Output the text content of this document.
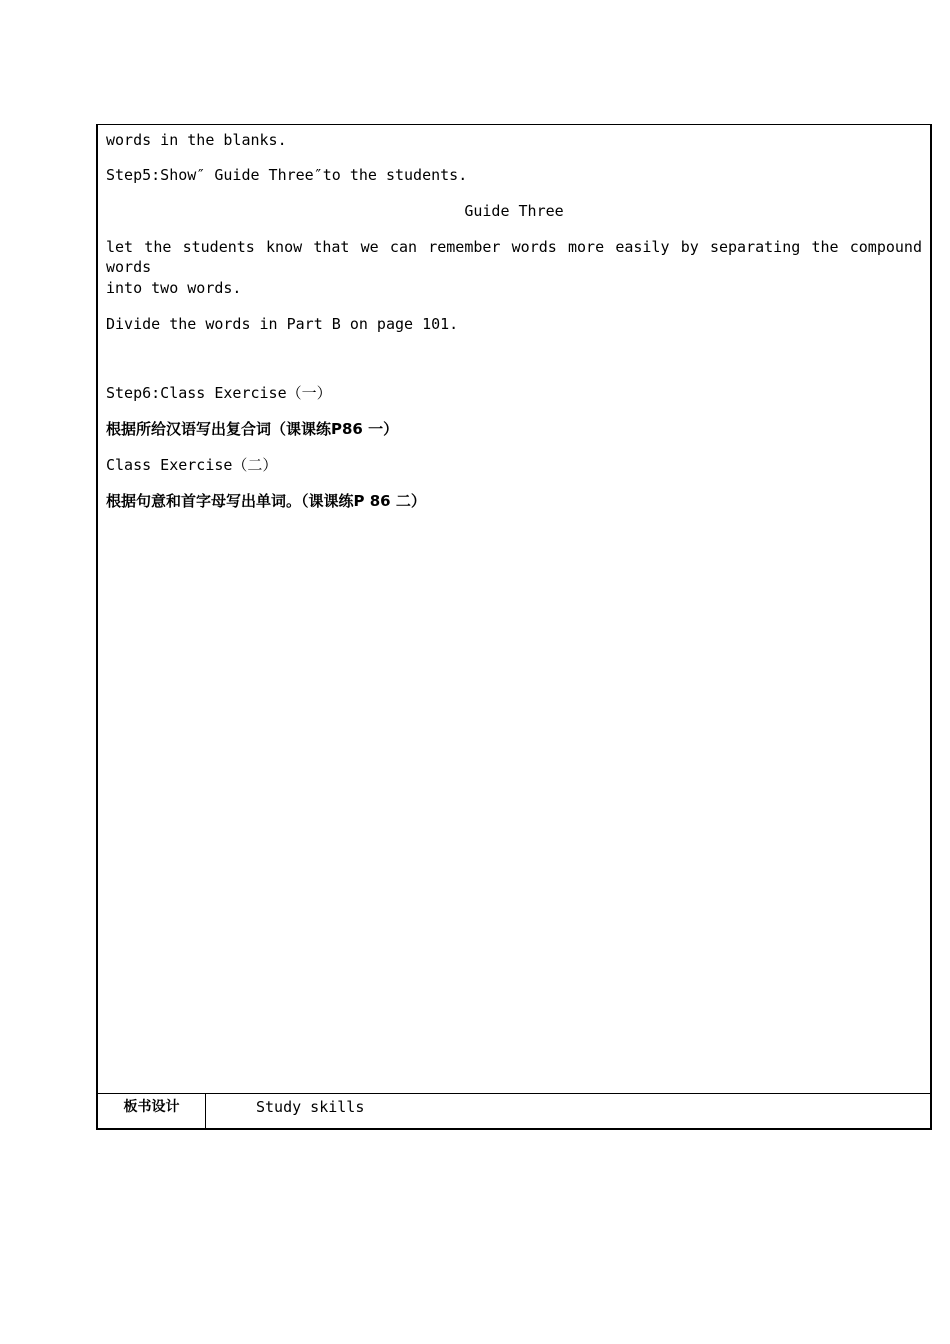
words in the blanks.
Step5:Show″ Guide Three″to the students.
Guide Three
let the students know that we can remember words more easily by separating the compound words
into two words.
Divide the words in Part B on page 101.
Step6:Class Exercise（一）
根据所给汉语写出复合词（课课练P86 一）
Class Exercise（二）
根据句意和首字母写出单词。（课课练P 86 二）
板书设计	Study skills
